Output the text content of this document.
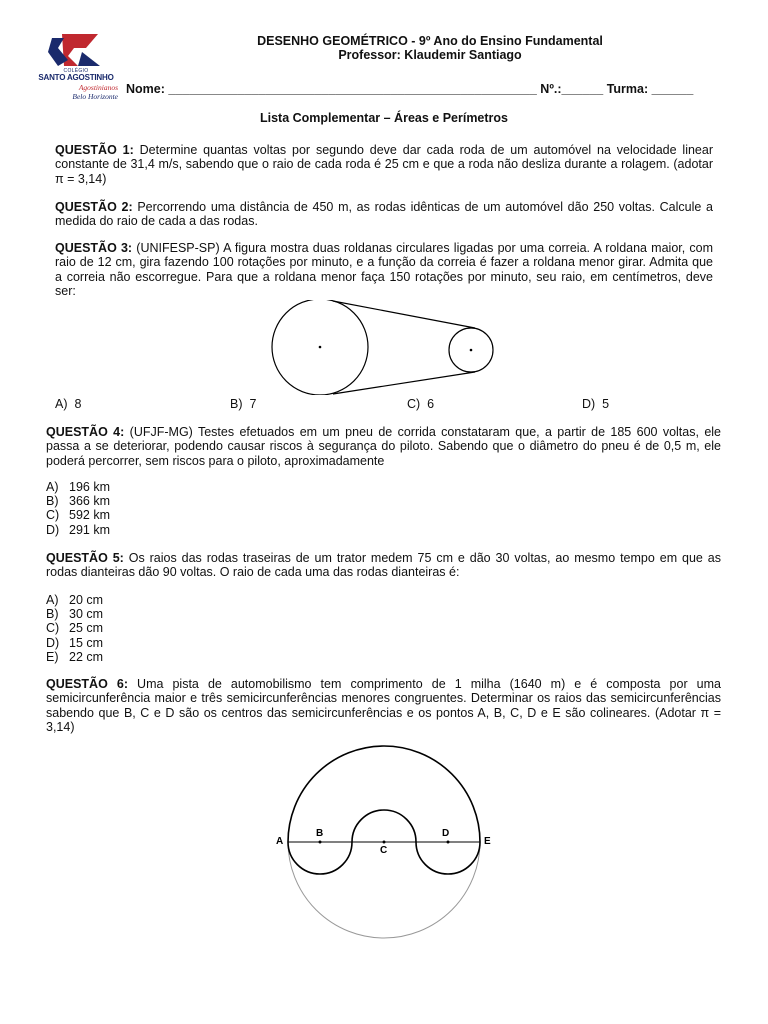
COLÉGIO
SANTO AGOSTINHO
Agostinianos
Belo Horizonte
DESENHO GEOMÉTRICO - 9º Ano do Ensino Fundamental
Professor: Klaudemir Santiago
Nome: _____________________________________________________ Nº.:______ Turma: ______
Lista Complementar – Áreas e Perímetros
QUESTÃO 1: Determine quantas voltas por segundo deve dar cada roda de um automóvel na velocidade linear constante de 31,4 m/s, sabendo que o raio de cada roda é 25 cm e que a roda não desliza durante a rolagem. (adotar π = 3,14)
QUESTÃO 2: Percorrendo uma distância de 450 m, as rodas idênticas de um automóvel dão 250 voltas. Calcule a medida do raio de cada a das rodas.
QUESTÃO 3: (UNIFESP-SP) A figura mostra duas roldanas circulares ligadas por uma correia. A roldana maior, com raio de 12 cm, gira fazendo 100 rotações por minuto, e a função da correia é fazer a roldana menor girar. Admita que a correia não escorregue. Para que a roldana menor faça 150 rotações por minuto, seu raio, em centímetros, deve ser:
A) 8	B) 7	C) 6	D) 5
QUESTÃO 4: (UFJF-MG) Testes efetuados em um pneu de corrida constataram que, a partir de 185 600 voltas, ele passa a se deteriorar, podendo causar riscos à segurança do piloto. Sabendo que o diâmetro do pneu é de 0,5 m, ele poderá percorrer, sem riscos para o piloto, aproximadamente
A) 196 km
B) 366 km
C) 592 km
D) 291 km
QUESTÃO 5: Os raios das rodas traseiras de um trator medem 75 cm e dão 30 voltas, ao mesmo tempo em que as rodas dianteiras dão 90 voltas. O raio de cada uma das rodas dianteiras é:
A) 20 cm
B) 30 cm
C) 25 cm
D) 15 cm
E) 22 cm
QUESTÃO 6: Uma pista de automobilismo tem comprimento de 1 milha (1640 m) e é composta por uma semicircunferência maior e três semicircunferências menores congruentes. Determinar os raios das semicircunferências sabendo que B, C e D são os centros das semicircunferências e os pontos A, B, C, D e E são colineares. (Adotar π = 3,14)
A
B
C
D
E
